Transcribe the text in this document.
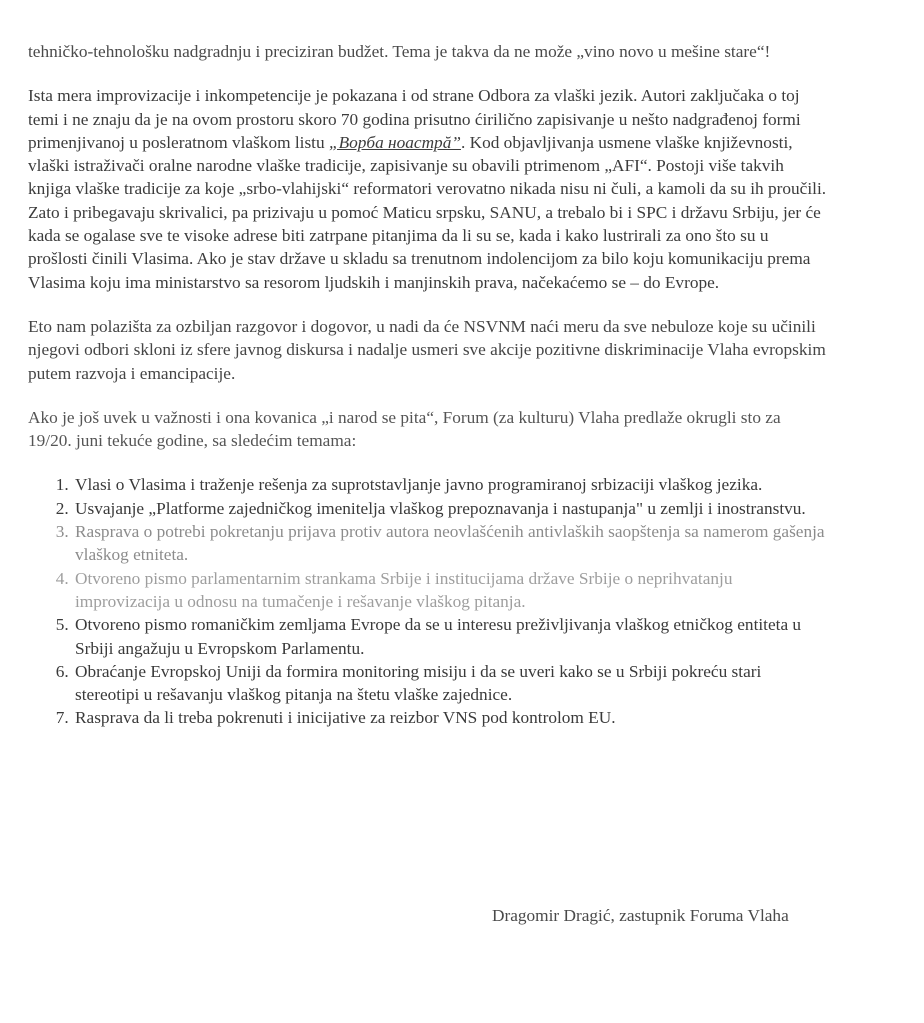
tehničko-tehnološku nadgradnju i preciziran budžet. Tema je takva da ne može „vino novo u mešine stare“!

Ista mera improvizacije i inkompetencije je pokazana i od strane Odbora za vlaški jezik. Autori zaključaka o toj temi i ne znaju da je na ovom prostoru skoro 70 godina prisutno ćirilično zapisivanje u nešto nadgrađenoj formi primenjivanoj u posleratnom vlaškom listu „Ворба ноастрă”. Kod objavljivanja usmene vlaške književnosti, vlaški istraživači oralne narodne vlaške tradicije, zapisivanje su obavili ptrimenom „AFI“. Postoji više takvih knjiga vlaške tradicije za koje „srbo-vlahijski“ reformatori verovatno nikada nisu ni čuli, a kamoli da su ih proučili. Zato i pribegavaju skrivalici, pa prizivaju u pomoć Maticu srpsku, SANU, a trebalo bi i SPC i državu Srbiju, jer će kada se ogalase sve te visoke adrese biti zatrpane pitanjima da li su se, kada i kako lustrirali za ono što su u prošlosti činili Vlasima. Ako je stav države u skladu sa trenutnom indolencijom za bilo koju komunikaciju prema Vlasima koju ima ministarstvo sa resorom ljudskih i manjinskih prava, načekaćemo se – do Evrope.

Eto nam polazišta za ozbiljan razgovor i dogovor, u nadi da će NSVNM naći meru da sve nebuloze koje su učinili njegovi odbori skloni iz sfere javnog diskursa i nadalje usmeri sve akcije pozitivne diskriminacije Vlaha evropskim putem razvoja i emancipacije.

Ako je još uvek u važnosti i ona kovanica „i narod se pita“, Forum (za kulturu) Vlaha predlaže okrugli sto za 19/20. juni tekuće godine, sa sledećim temama:

1. Vlasi o Vlasima i traženje rešenja za suprotstavljanje javno programiranoj srbizaciji vlaškog jezika.
2. Usvajanje „Platforme zajedničkog imenitelja vlaškog prepoznavanja i nastupanja" u zemlji i inostranstvu.
3. Rasprava o potrebi pokretanju prijava protiv autora neovlašćenih antivlaških saopštenja sa namerom gašenja vlaškog etniteta.
4. Otvoreno pismo parlamentarnim strankama Srbije i institucijama države Srbije o neprihvatanju improvizacija u odnosu na tumačenje i rešavanje vlaškog pitanja.
5. Otvoreno pismo romaničkim zemljama Evrope da se u interesu preživljivanja vlaškog etničkog entiteta u Srbiji angažuju u Evropskom Parlamentu.
6. Obraćanje Evropskoj Uniji da formira monitoring misiju i da se uveri kako se u Srbiji pokreću stari stereotipi u rešavanju vlaškog pitanja na štetu vlaške zajednice.
7. Rasprava da li treba pokrenuti i inicijative za reizbor VNS pod kontrolom EU.
Dragomir Dragić, zastupnik Foruma Vlaha
